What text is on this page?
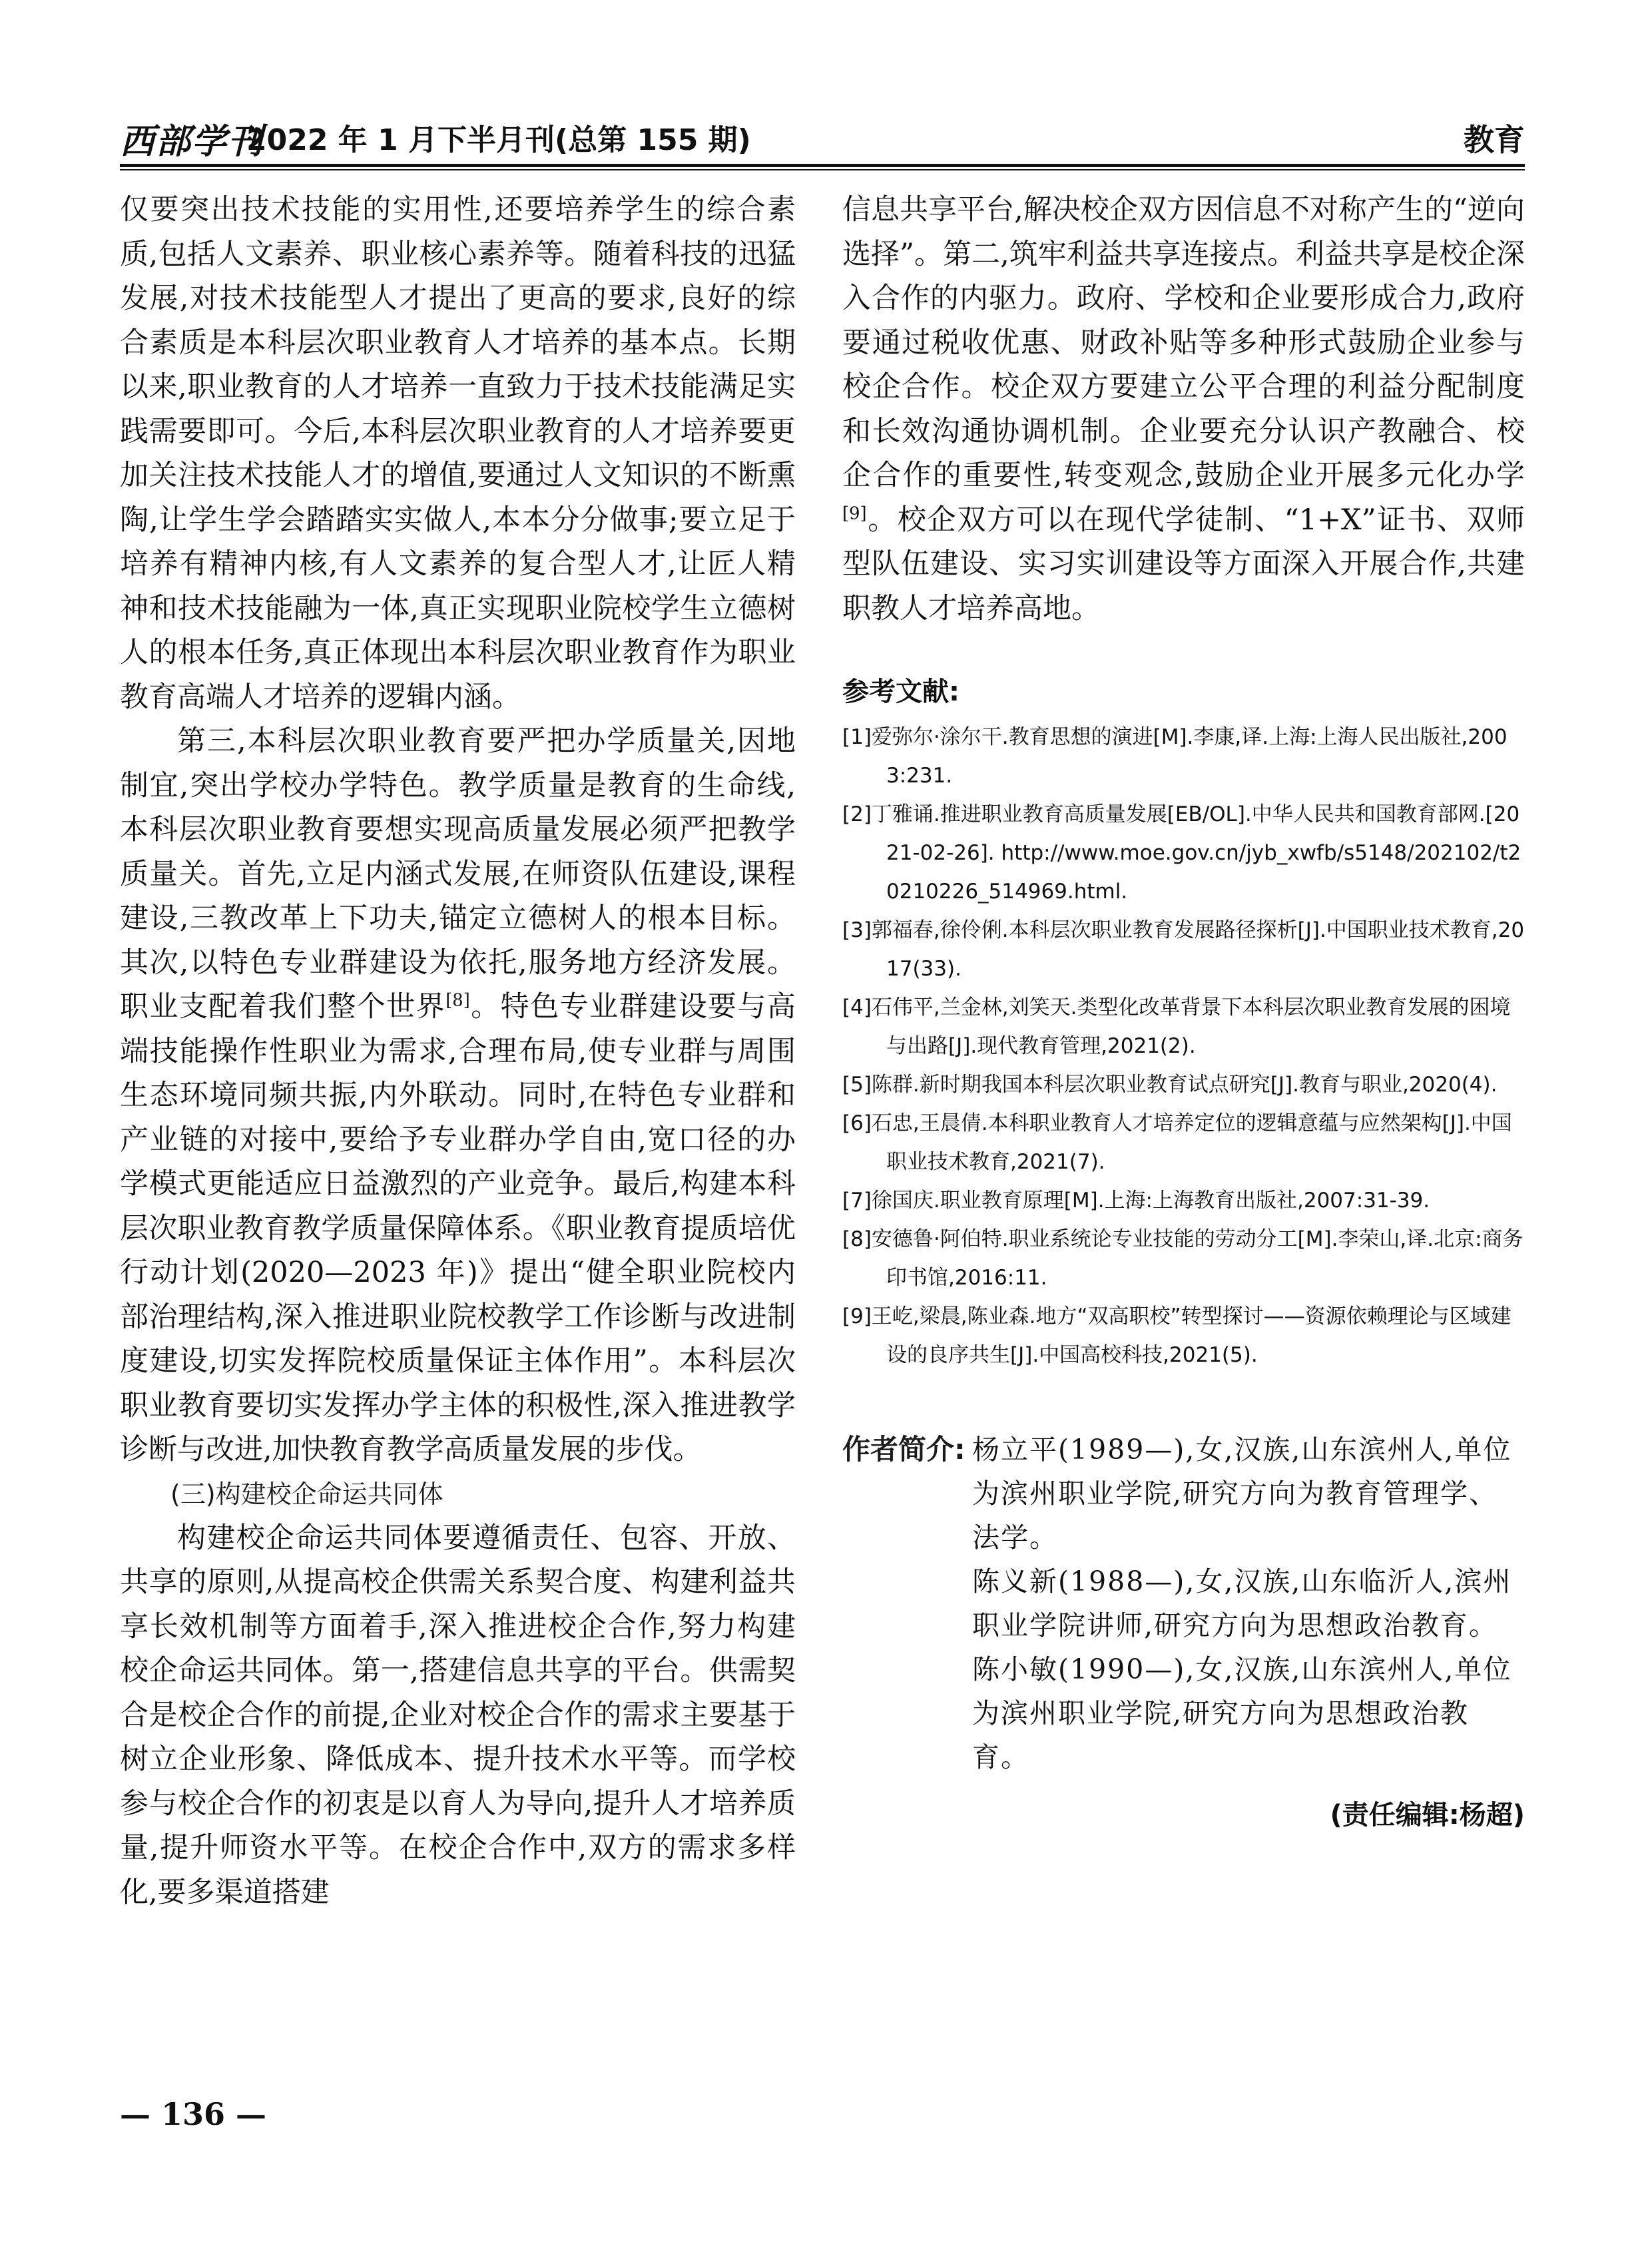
西部学刊
2022 年 1 月下半月刊(总第 155 期)	教育

仅要突出技术技能的实用性,还要培养学生的综合素质,包括人文素养、职业核心素养等。随着科技的迅猛发展,对技术技能型人才提出了更高的要求,良好的综合素质是本科层次职业教育人才培养的基本点。长期以来,职业教育的人才培养一直致力于技术技能满足实践需要即可。今后,本科层次职业教育的人才培养要更加关注技术技能人才的增值,要通过人文知识的不断熏陶,让学生学会踏踏实实做人,本本分分做事;要立足于培养有精神内核,有人文素养的复合型人才,让匠人精神和技术技能融为一体,真正实现职业院校学生立德树人的根本任务,真正体现出本科层次职业教育作为职业教育高端人才培养的逻辑内涵。

第三,本科层次职业教育要严把办学质量关,因地制宜,突出学校办学特色。教学质量是教育的生命线,本科层次职业教育要想实现高质量发展必须严把教学质量关。首先,立足内涵式发展,在师资队伍建设,课程建设,三教改革上下功夫,锚定立德树人的根本目标。其次,以特色专业群建设为依托,服务地方经济发展。职业支配着我们整个世界[8]。特色专业群建设要与高端技能操作性职业为需求,合理布局,使专业群与周围生态环境同频共振,内外联动。同时,在特色专业群和产业链的对接中,要给予专业群办学自由,宽口径的办学模式更能适应日益激烈的产业竞争。最后,构建本科层次职业教育教学质量保障体系。《职业教育提质培优行动计划(2020—2023 年)》提出“健全职业院校内部治理结构,深入推进职业院校教学工作诊断与改进制度建设,切实发挥院校质量保证主体作用”。本科层次职业教育要切实发挥办学主体的积极性,深入推进教学诊断与改进,加快教育教学高质量发展的步伐。

(三)构建校企命运共同体

构建校企命运共同体要遵循责任、包容、开放、共享的原则,从提高校企供需关系契合度、构建利益共享长效机制等方面着手,深入推进校企合作,努力构建校企命运共同体。第一,搭建信息共享的平台。供需契合是校企合作的前提,企业对校企合作的需求主要基于树立企业形象、降低成本、提升技术水平等。而学校参与校企合作的初衷是以育人为导向,提升人才培养质量,提升师资水平等。在校企合作中,双方的需求多样化,要多渠道搭建

信息共享平台,解决校企双方因信息不对称产生的“逆向选择”。第二,筑牢利益共享连接点。利益共享是校企深入合作的内驱力。政府、学校和企业要形成合力,政府要通过税收优惠、财政补贴等多种形式鼓励企业参与校企合作。校企双方要建立公平合理的利益分配制度和长效沟通协调机制。企业要充分认识产教融合、校企合作的重要性,转变观念,鼓励企业开展多元化办学[9]。校企双方可以在现代学徒制、“1+X”证书、双师型队伍建设、实习实训建设等方面深入开展合作,共建职教人才培养高地。

参考文献:

[1]爱弥尔·涂尔干.教育思想的演进[M].李康,译.上海:上海人民出版社,2003:231.

[2]丁雅诵.推进职业教育高质量发展[EB/OL].中华人民共和国教育部网.[2021-02-26]. http://www.moe.gov.cn/jyb_xwfb/s5148/202102/t20210226_514969.html.

[3]郭福春,徐伶俐.本科层次职业教育发展路径探析[J].中国职业技术教育,2017(33).

[4]石伟平,兰金林,刘笑天.类型化改革背景下本科层次职业教育发展的困境与出路[J].现代教育管理,2021(2).

[5]陈群.新时期我国本科层次职业教育试点研究[J].教育与职业,2020(4).

[6]石忠,王晨倩.本科职业教育人才培养定位的逻辑意蕴与应然架构[J].中国职业技术教育,2021(7).

[7]徐国庆.职业教育原理[M].上海:上海教育出版社,2007:31-39.

[8]安德鲁·阿伯特.职业系统论专业技能的劳动分工[M].李荣山,译.北京:商务印书馆,2016:11.

[9]王屹,梁晨,陈业森.地方“双高职校”转型探讨——资源依赖理论与区域建设的良序共生[J].中国高校科技,2021(5).

作者简介: 杨立平(1989—),女,汉族,山东滨州人,单位为滨州职业学院,研究方向为教育管理学、法学。

陈义新(1988—),女,汉族,山东临沂人,滨州职业学院讲师,研究方向为思想政治教育。

陈小敏(1990—),女,汉族,山东滨州人,单位为滨州职业学院,研究方向为思想政治教育。

(责任编辑:杨超)
— 136 —
